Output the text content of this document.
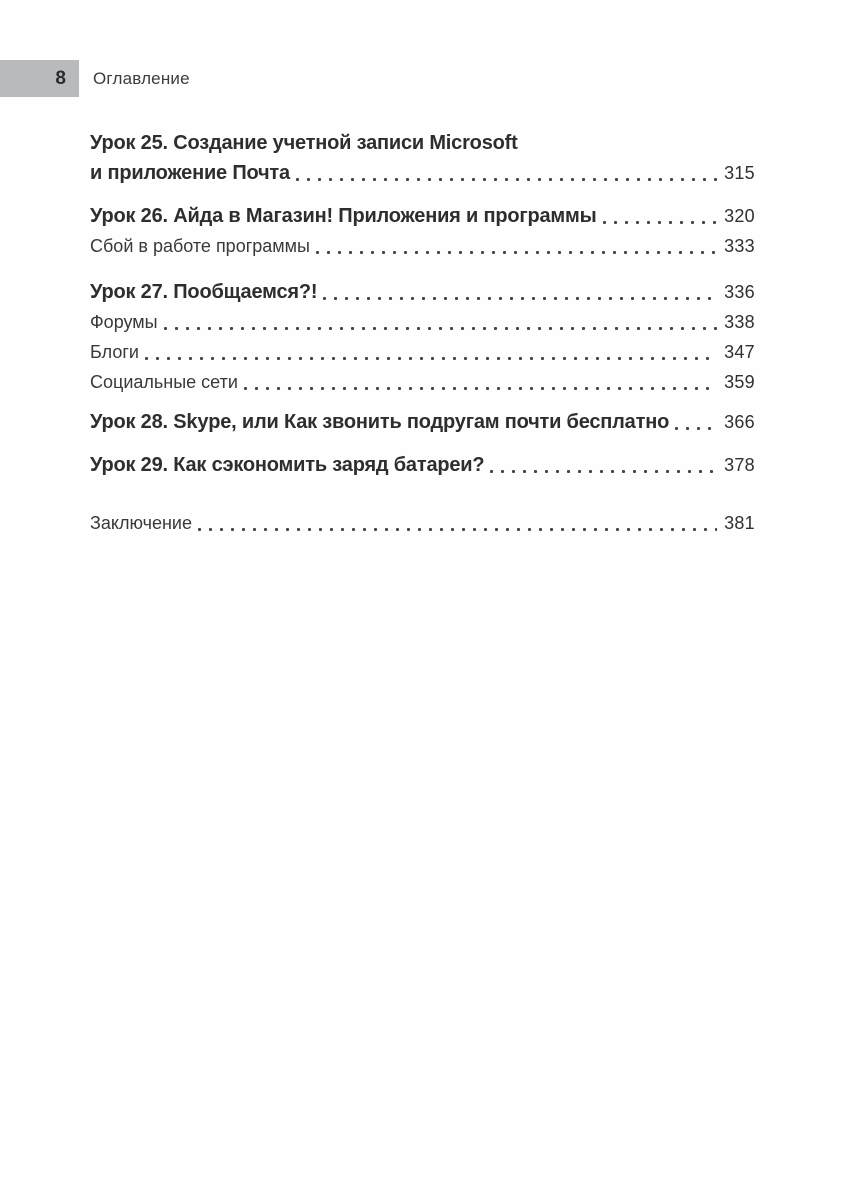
8 Оглавление
Урок 25. Создание учетной записи Microsoft
и приложение Почта	315
Урок 26. Айда в Магазин! Приложения и программы	320
Сбой в работе программы	333
Урок 27. Пообщаемся?!	336
Форумы	338
Блоги	347
Социальные сети	359
Урок 28. Skype, или Как звонить подругам почти бесплатно	366
Урок 29. Как сэкономить заряд батареи?	378
Заключение	381
